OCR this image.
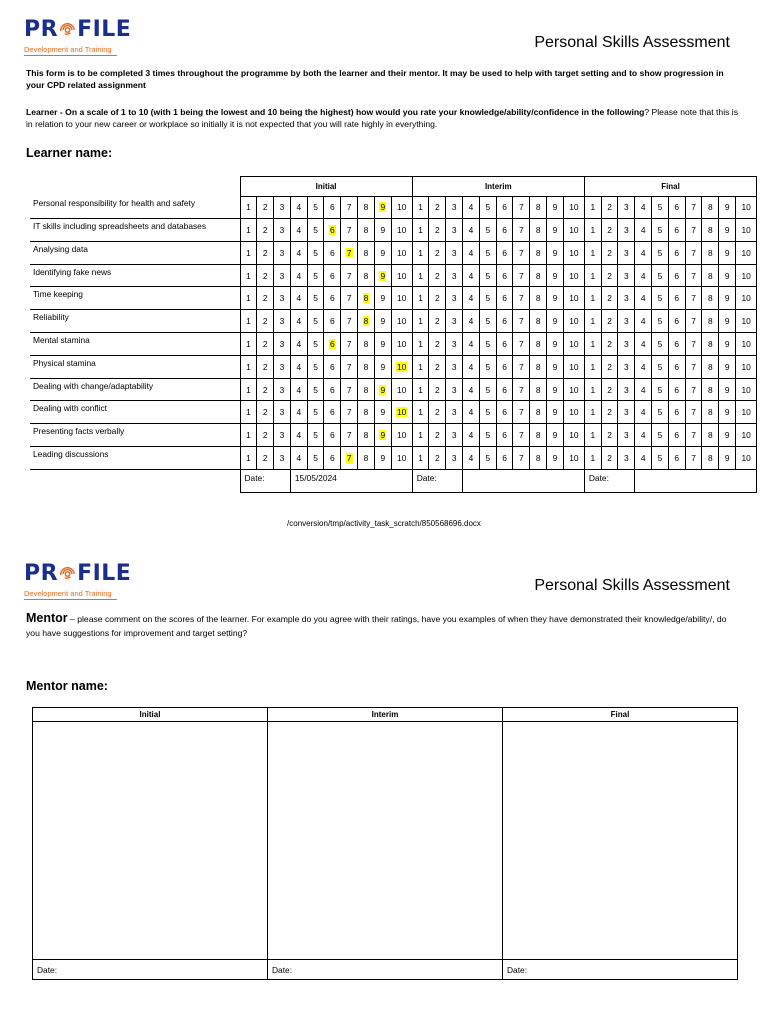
PR FILE
Development and Training	Personal Skills Assessment
This form is to be completed 3 times throughout the programme by both the learner and their mentor. It may be used to help with target setting and to show progression in your CPD related assignment
Learner - On a scale of 1 to 10 (with 1 being the lowest and 10 being the highest) how would you rate your knowledge/ability/confidence in the following? Please note that this is in relation to your new career or workplace so initially it is not expected that you will rate highly in everything.
Learner name:
	Initial										Interim										Final									
Personal responsibility for health and safety	1	2	3	4	5	6	7	8	9	10	1	2	3	4	5	6	7	8	9	10	1	2	3	4	5	6	7	8	9	10
IT skills including spreadsheets and databases	1	2	3	4	5	6	7	8	9	10	1	2	3	4	5	6	7	8	9	10	1	2	3	4	5	6	7	8	9	10
Analysing data	1	2	3	4	5	6	7	8	9	10	1	2	3	4	5	6	7	8	9	10	1	2	3	4	5	6	7	8	9	10
Identifying fake news	1	2	3	4	5	6	7	8	9	10	1	2	3	4	5	6	7	8	9	10	1	2	3	4	5	6	7	8	9	10
Time keeping	1	2	3	4	5	6	7	8	9	10	1	2	3	4	5	6	7	8	9	10	1	2	3	4	5	6	7	8	9	10
Reliability	1	2	3	4	5	6	7	8	9	10	1	2	3	4	5	6	7	8	9	10	1	2	3	4	5	6	7	8	9	10
Mental stamina	1	2	3	4	5	6	7	8	9	10	1	2	3	4	5	6	7	8	9	10	1	2	3	4	5	6	7	8	9	10
Physical stamina	1	2	3	4	5	6	7	8	9	10	1	2	3	4	5	6	7	8	9	10	1	2	3	4	5	6	7	8	9	10
Dealing with change/adaptability	1	2	3	4	5	6	7	8	9	10	1	2	3	4	5	6	7	8	9	10	1	2	3	4	5	6	7	8	9	10
Dealing with conflict	1	2	3	4	5	6	7	8	9	10	1	2	3	4	5	6	7	8	9	10	1	2	3	4	5	6	7	8	9	10
Presenting facts verbally	1	2	3	4	5	6	7	8	9	10	1	2	3	4	5	6	7	8	9	10	1	2	3	4	5	6	7	8	9	10
Leading discussions	1	2	3	4	5	6	7	8	9	10	1	2	3	4	5	6	7	8	9	10	1	2	3	4	5	6	7	8	9	10
	Date:			15/05/2024							Date:										Date:									
/conversion/tmp/activity_task_scratch/850568696.docx
PR FILE
Development and Training	Personal Skills Assessment
Mentor – please comment on the scores of the learner. For example do you agree with their ratings, have you examples of when they have demonstrated their knowledge/ability/, do you have suggestions for improvement and target setting?
Mentor name:
Initial	Interim	Final

Date:	Date:	Date:
